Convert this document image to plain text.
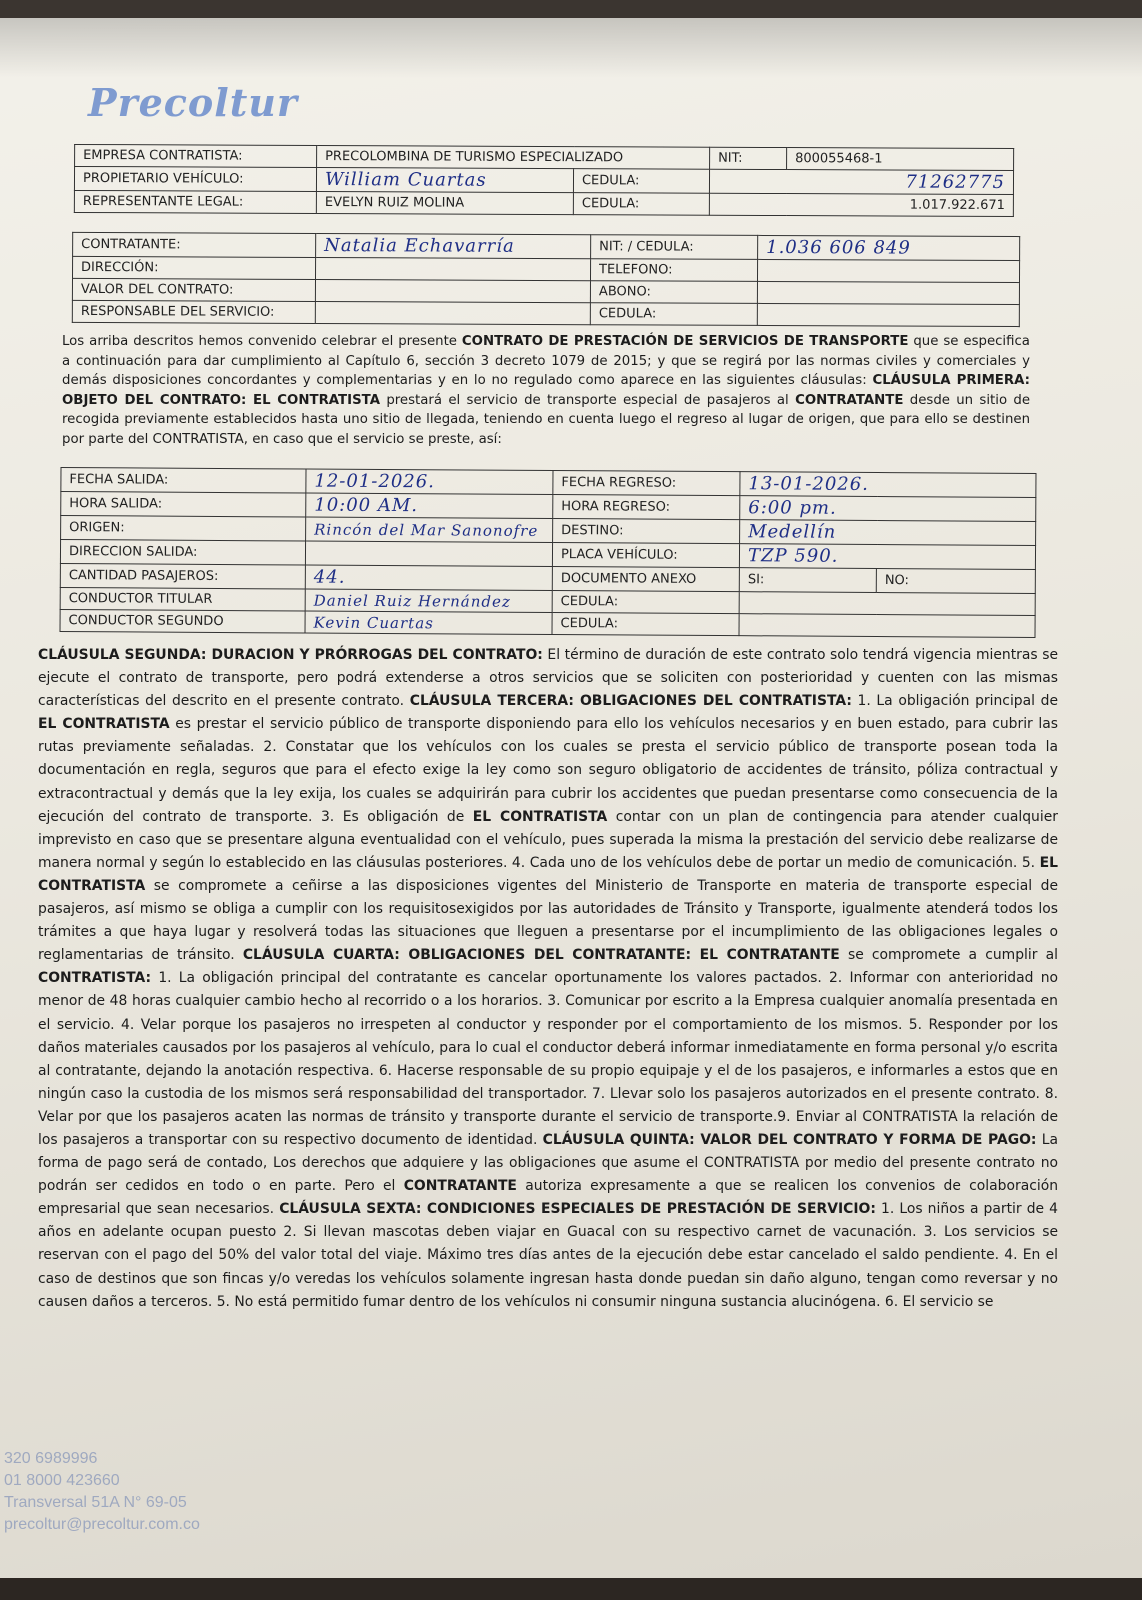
Precoltur
EMPRESA CONTRATISTA:	PRECOLOMBINA DE TURISMO ESPECIALIZADO		NIT:	800055468-1
PROPIETARIO VEHÍCULO:	William Cuartas	CEDULA:	71262775	
REPRESENTANTE LEGAL:	EVELYN RUIZ MOLINA	CEDULA:	1.017.922.671	
CONTRATANTE:	Natalia Echavarría	NIT: / CEDULA:	1.036 606 849
DIRECCIÓN:		TELEFONO:	
VALOR DEL CONTRATO:		ABONO:	
RESPONSABLE DEL SERVICIO:		CEDULA:	
Los arriba descritos hemos convenido celebrar el presente CONTRATO DE PRESTACIÓN DE SERVICIOS DE TRANSPORTE que se especifica a continuación para dar cumplimiento al Capítulo 6, sección 3 decreto 1079 de 2015; y que se regirá por las normas civiles y comerciales y demás disposiciones concordantes y complementarias y en lo no regulado como aparece en las siguientes cláusulas: CLÁUSULA PRIMERA: OBJETO DEL CONTRATO: EL CONTRATISTA prestará el servicio de transporte especial de pasajeros al CONTRATANTE desde un sitio de recogida previamente establecidos hasta uno sitio de llegada, teniendo en cuenta luego el regreso al lugar de origen, que para ello se destinen por parte del CONTRATISTA, en caso que el servicio se preste, así:
FECHA SALIDA:	12-01-2026.	FECHA REGRESO:	13-01-2026.	
HORA SALIDA:	10:00 AM.	HORA REGRESO:	6:00 pm.	
ORIGEN:	Rincón del Mar Sanonofre	DESTINO:	Medellín	
DIRECCION SALIDA:		PLACA VEHÍCULO:	TZP 590.	
CANTIDAD PASAJEROS:	44.	DOCUMENTO ANEXO	SI:	NO:
CONDUCTOR TITULAR	Daniel Ruiz Hernández	CEDULA:		
CONDUCTOR SEGUNDO	Kevin Cuartas	CEDULA:		
CLÁUSULA SEGUNDA: DURACION Y PRÓRROGAS DEL CONTRATO: El término de duración de este contrato solo tendrá vigencia mientras se ejecute el contrato de transporte, pero podrá extenderse a otros servicios que se soliciten con posterioridad y cuenten con las mismas características del descrito en el presente contrato. CLÁUSULA TERCERA: OBLIGACIONES DEL CONTRATISTA: 1. La obligación principal de EL CONTRATISTA es prestar el servicio público de transporte disponiendo para ello los vehículos necesarios y en buen estado, para cubrir las rutas previamente señaladas. 2. Constatar que los vehículos con los cuales se presta el servicio público de transporte posean toda la documentación en regla, seguros que para el efecto exige la ley como son seguro obligatorio de accidentes de tránsito, póliza contractual y extracontractual y demás que la ley exija, los cuales se adquirirán para cubrir los accidentes que puedan presentarse como consecuencia de la ejecución del contrato de transporte. 3. Es obligación de EL CONTRATISTA contar con un plan de contingencia para atender cualquier imprevisto en caso que se presentare alguna eventualidad con el vehículo, pues superada la misma la prestación del servicio debe realizarse de manera normal y según lo establecido en las cláusulas posteriores. 4. Cada uno de los vehículos debe de portar un medio de comunicación. 5. EL CONTRATISTA se compromete a ceñirse a las disposiciones vigentes del Ministerio de Transporte en materia de transporte especial de pasajeros, así mismo se obliga a cumplir con los requisitosexigidos por las autoridades de Tránsito y Transporte, igualmente atenderá todos los trámites a que haya lugar y resolverá todas las situaciones que lleguen a presentarse por el incumplimiento de las obligaciones legales o reglamentarias de tránsito. CLÁUSULA CUARTA: OBLIGACIONES DEL CONTRATANTE: EL CONTRATANTE se compromete a cumplir al CONTRATISTA: 1. La obligación principal del contratante es cancelar oportunamente los valores pactados. 2. Informar con anterioridad no menor de 48 horas cualquier cambio hecho al recorrido o a los horarios. 3. Comunicar por escrito a la Empresa cualquier anomalía presentada en el servicio. 4. Velar porque los pasajeros no irrespeten al conductor y responder por el comportamiento de los mismos. 5. Responder por los daños materiales causados por los pasajeros al vehículo, para lo cual el conductor deberá informar inmediatamente en forma personal y/o escrita al contratante, dejando la anotación respectiva. 6. Hacerse responsable de su propio equipaje y el de los pasajeros, e informarles a estos que en ningún caso la custodia de los mismos será responsabilidad del transportador. 7. Llevar solo los pasajeros autorizados en el presente contrato. 8. Velar por que los pasajeros acaten las normas de tránsito y transporte durante el servicio de transporte.9. Enviar al CONTRATISTA la relación de los pasajeros a transportar con su respectivo documento de identidad. CLÁUSULA QUINTA: VALOR DEL CONTRATO Y FORMA DE PAGO: La forma de pago será de contado, Los derechos que adquiere y las obligaciones que asume el CONTRATISTA por medio del presente contrato no podrán ser cedidos en todo o en parte. Pero el CONTRATANTE autoriza expresamente a que se realicen los convenios de colaboración empresarial que sean necesarios. CLÁUSULA SEXTA: CONDICIONES ESPECIALES DE PRESTACIÓN DE SERVICIO: 1. Los niños a partir de 4 años en adelante ocupan puesto 2. Si llevan mascotas deben viajar en Guacal con su respectivo carnet de vacunación. 3. Los servicios se reservan con el pago del 50% del valor total del viaje. Máximo tres días antes de la ejecución debe estar cancelado el saldo pendiente. 4. En el caso de destinos que son fincas y/o veredas los vehículos solamente ingresan hasta donde puedan sin daño alguno, tengan como reversar y no causen daños a terceros. 5. No está permitido fumar dentro de los vehículos ni consumir ninguna sustancia alucinógena. 6. El servicio se
320 6989996
01 8000 423660
Transversal 51A N° 69-05
precoltur@precoltur.com.co
